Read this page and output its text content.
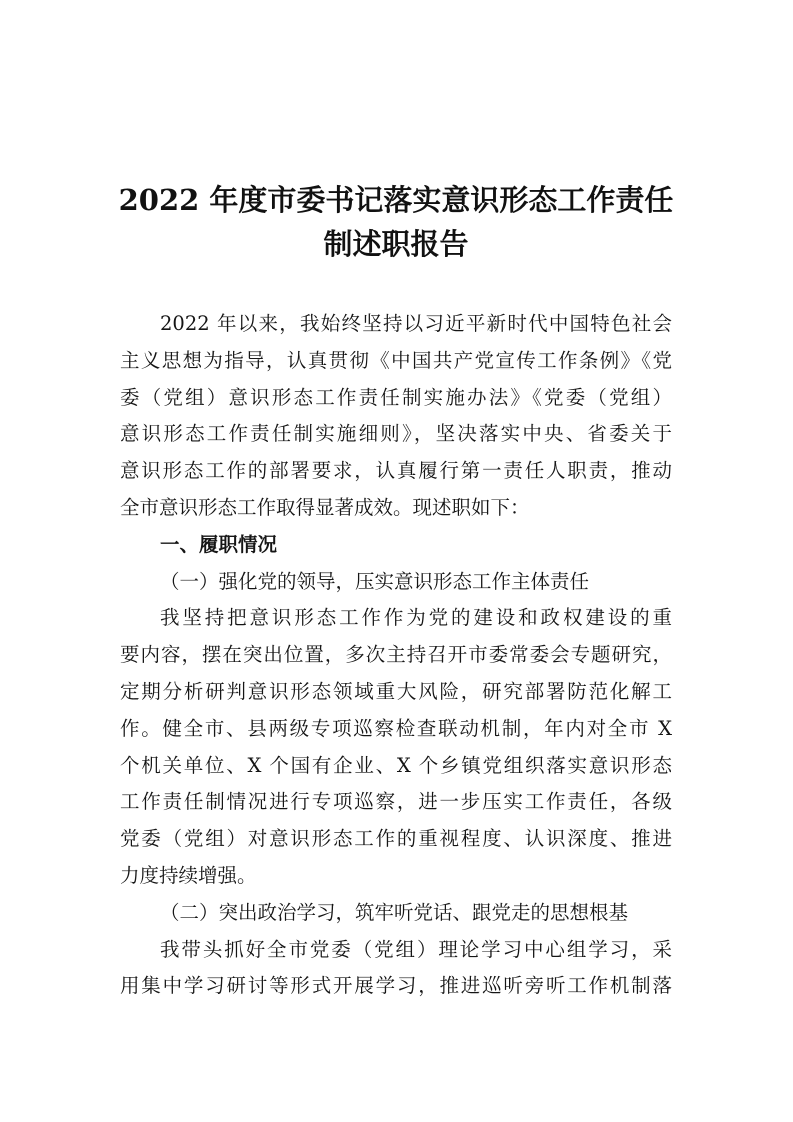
2022 年度市委书记落实意识形态工作责任
制述职报告
2022 年以来，我始终坚持以习近平新时代中国特色社会
主义思想为指导，认真贯彻《中国共产党宣传工作条例》《党
委（党组）意识形态工作责任制实施办法》《党委（党组）
意识形态工作责任制实施细则》，坚决落实中央、省委关于
意识形态工作的部署要求，认真履行第一责任人职责，推动
全市意识形态工作取得显著成效。现述职如下：
一、履职情况
（一）强化党的领导，压实意识形态工作主体责任
我坚持把意识形态工作作为党的建设和政权建设的重
要内容，摆在突出位置，多次主持召开市委常委会专题研究，
定期分析研判意识形态领域重大风险，研究部署防范化解工
作。健全市、县两级专项巡察检查联动机制，年内对全市 X
个机关单位、X 个国有企业、X 个乡镇党组织落实意识形态
工作责任制情况进行专项巡察，进一步压实工作责任，各级
党委（党组）对意识形态工作的重视程度、认识深度、推进
力度持续增强。
（二）突出政治学习，筑牢听党话、跟党走的思想根基
我带头抓好全市党委（党组）理论学习中心组学习，采
用集中学习研讨等形式开展学习，推进巡听旁听工作机制落
